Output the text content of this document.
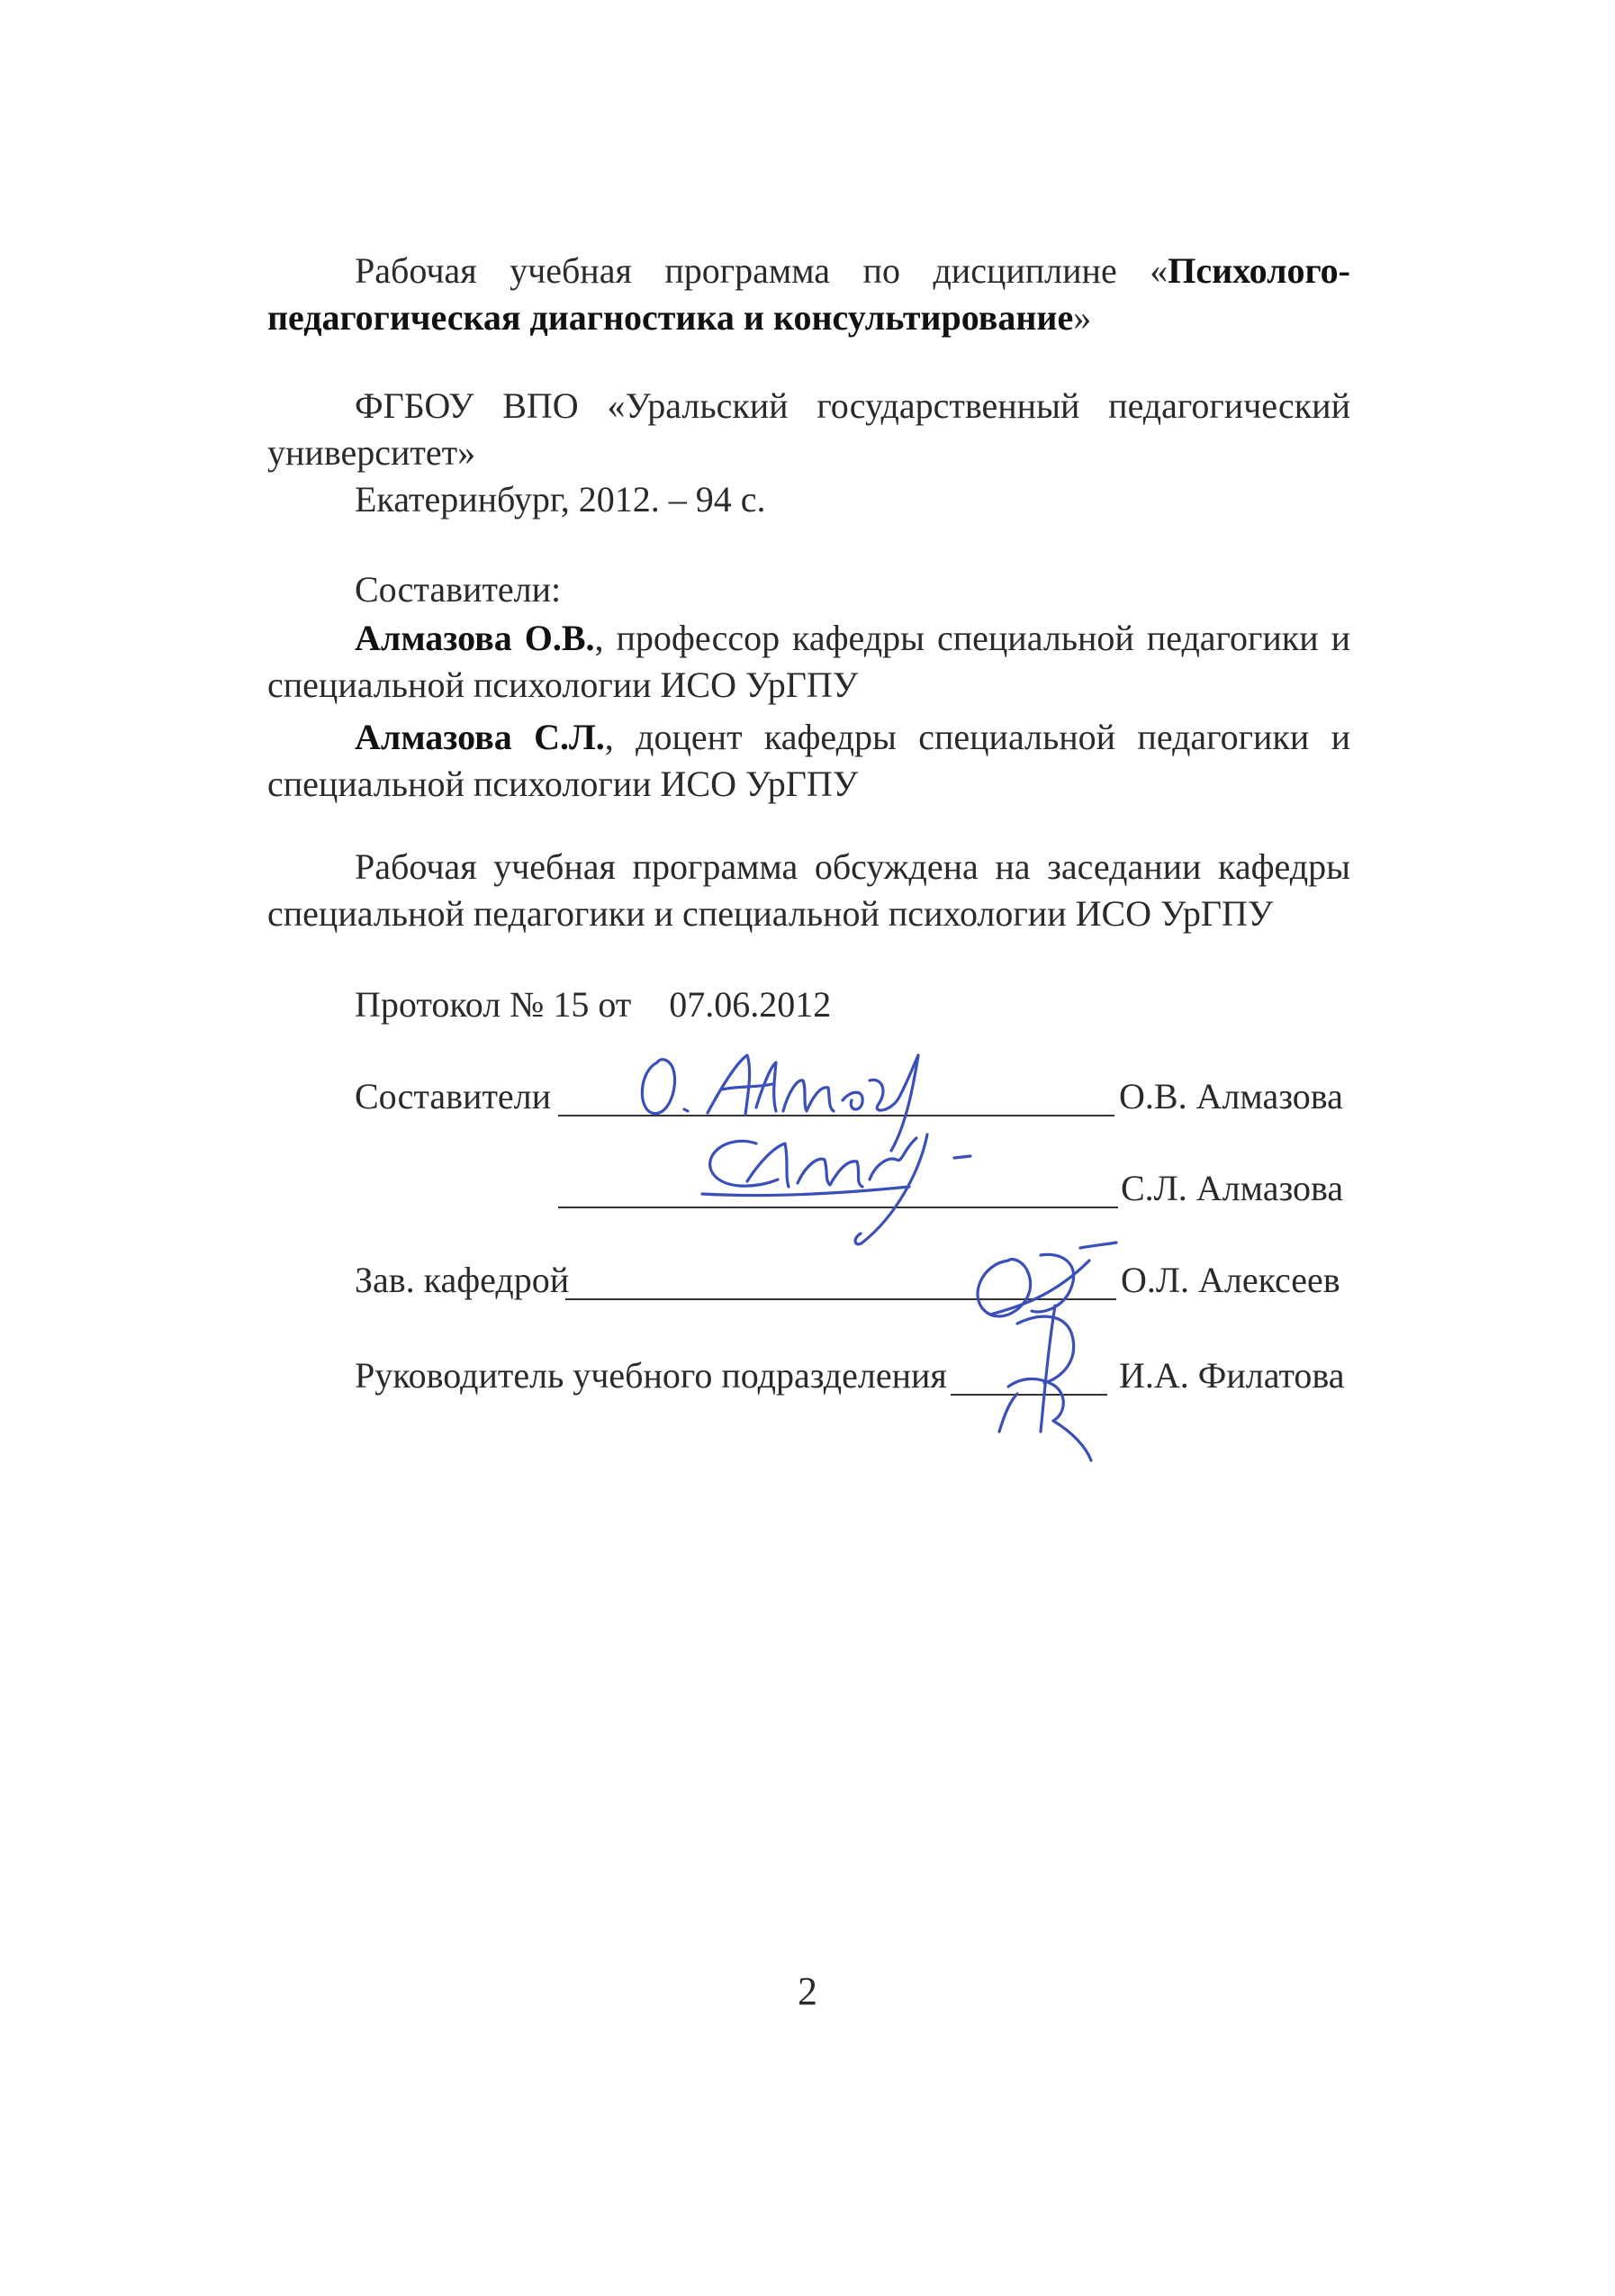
Рабочая учебная программа по дисциплине «Психолого-педагогическая диагностика и консультирование»

ФГБОУ ВПО «Уральский государственный педагогический университет»

Екатеринбург, 2012. – 94 с.

Составители:

Алмазова О.В., профессор кафедры специальной педагогики и специальной психологии ИСО УрГПУ

Алмазова С.Л., доцент кафедры специальной педагогики и специальной психологии ИСО УрГПУ

Рабочая учебная программа обсуждена на заседании кафедры специальной педагогики и специальной психологии ИСО УрГПУ

Протокол № 15 от 07.06.2012
Составители	О.В. Алмазова
С.Л. Алмазова
Зав. кафедрой	О.Л. Алексеев
Руководитель учебного подразделения	И.А. Филатова
2
